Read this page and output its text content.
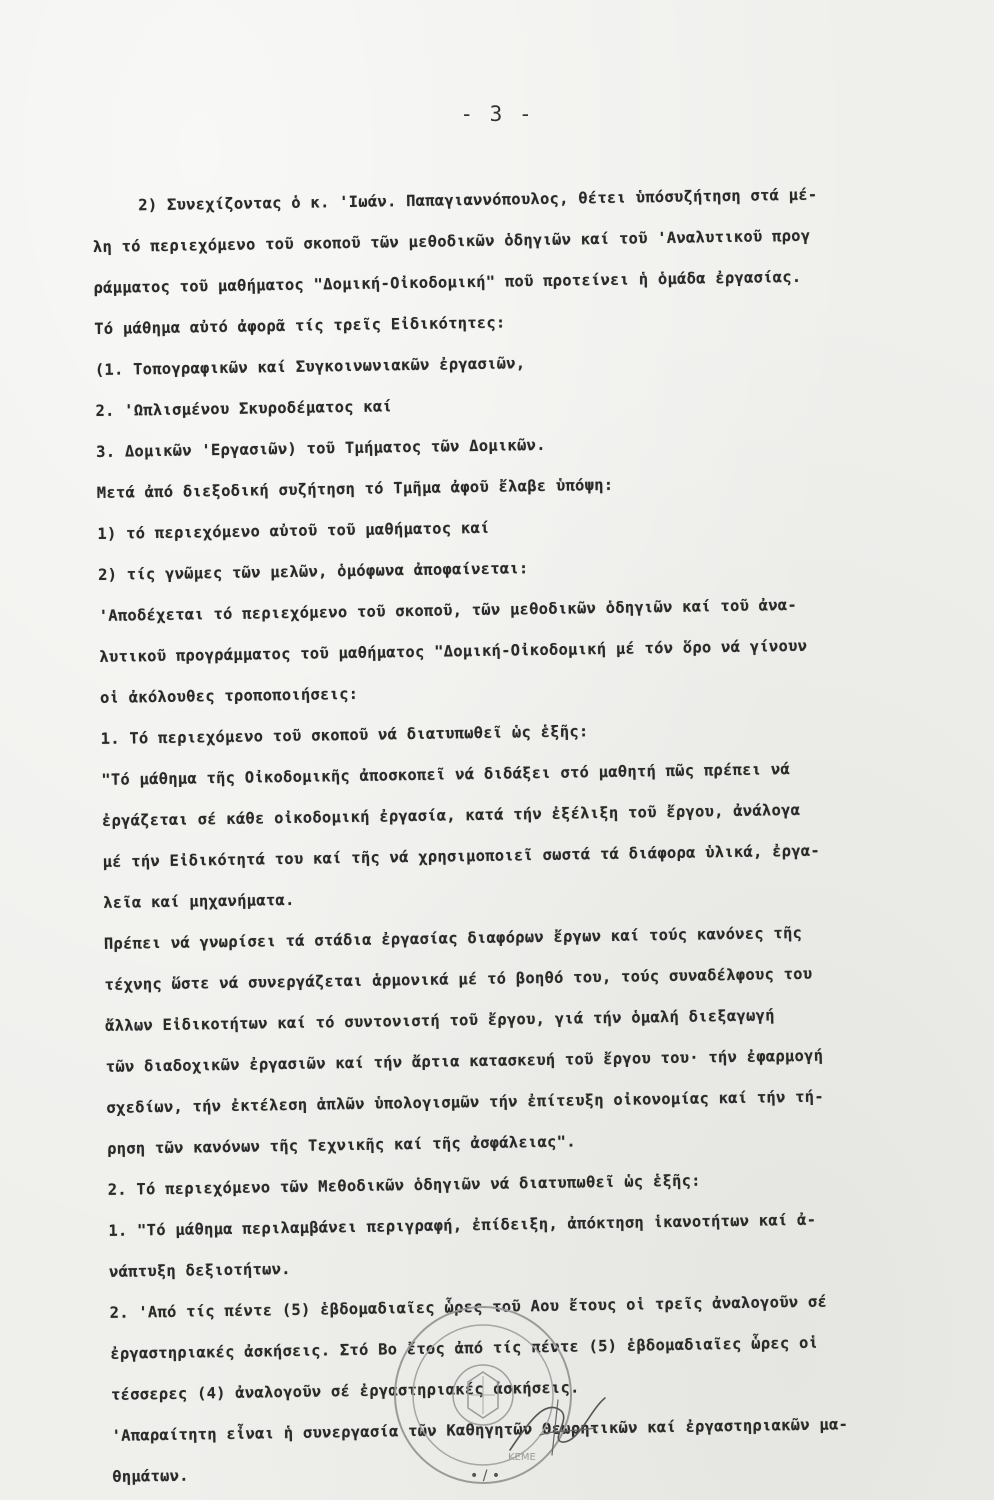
- 3 -
2) Συνεχίζοντας ὁ κ. 'Ιωάν. Παπαγιαννόπουλος, θέτει ὑπόσυζήτηση στά μέ-
λη τό περιεχόμενο τοῦ σκοποῦ τῶν μεθοδικῶν ὁδηγιῶν καί τοῦ 'Αναλυτικοῦ προγ
ράμματος τοῦ μαθήματος "Δομική-Οἰκοδομική" ποῦ προτείνει ἡ ὁμάδα ἐργασίας.
Τό μάθημα αὐτό ἀφορᾶ τίς τρεῖς Εἰδικότητες:
(1. Τοπογραφικῶν καί Συγκοινωνιακῶν ἐργασιῶν,
2. 'Ωπλισμένου Σκυροδέματος καί
3. Δομικῶν 'Εργασιῶν) τοῦ Τμήματος τῶν Δομικῶν.
Μετά ἀπό διεξοδική συζήτηση τό Τμῆμα ἀφοῦ ἔλαβε ὑπόψη:
1) τό περιεχόμενο αὐτοῦ τοῦ μαθήματος καί
2) τίς γνῶμες τῶν μελῶν, ὁμόφωνα ἀποφαίνεται:
'Αποδέχεται τό περιεχόμενο τοῦ σκοποῦ, τῶν μεθοδικῶν ὁδηγιῶν καί τοῦ ἀνα-
λυτικοῦ προγράμματος τοῦ μαθήματος "Δομική-Οἰκοδομική μέ τόν ὅρο νά γίνουν
οἱ ἀκόλουθες τροποποιήσεις:
1. Τό περιεχόμενο τοῦ σκοποῦ νά διατυπωθεῖ ὡς ἑξῆς:
"Τό μάθημα τῆς Οἰκοδομικῆς ἀποσκοπεῖ νά διδάξει στό μαθητή πῶς πρέπει νά
ἐργάζεται σέ κάθε οἰκοδομική ἐργασία, κατά τήν ἐξέλιξη τοῦ ἔργου, ἀνάλογα
μέ τήν Εἰδικότητά του καί τῆς νά χρησιμοποιεῖ σωστά τά διάφορα ὑλικά, ἐργα-
λεῖα καί μηχανήματα.
Πρέπει νά γνωρίσει τά στάδια ἐργασίας διαφόρων ἔργων καί τούς κανόνες τῆς
τέχνης ὥστε νά συνεργάζεται ἁρμονικά μέ τό βοηθό του, τούς συναδέλφους του
ἄλλων Εἰδικοτήτων καί τό συντονιστή τοῦ ἔργου, γιά τήν ὁμαλή διεξαγωγή
τῶν διαδοχικῶν ἐργασιῶν καί τήν ἄρτια κατασκευή τοῦ ἔργου του· τήν ἐφαρμογή
σχεδίων, τήν ἐκτέλεση ἁπλῶν ὑπολογισμῶν τήν ἐπίτευξη οἰκονομίας καί τήν τή-
ρηση τῶν κανόνων τῆς Τεχνικῆς καί τῆς ἀσφάλειας".
2. Τό περιεχόμενο τῶν Μεθοδικῶν ὁδηγιῶν νά διατυπωθεῖ ὡς ἑξῆς:
1. "Τό μάθημα περιλαμβάνει περιγραφή, ἐπίδειξη, ἀπόκτηση ἱκανοτήτων καί ἀ-
νάπτυξη δεξιοτήτων.
2. 'Από τίς πέντε (5) ἑβδομαδιαῖες ὧρες τοῦ Αου ἔτους οἱ τρεῖς ἀναλογοῦν σέ
ἐργαστηριακές ἀσκήσεις. Στό Βο ἔτος ἀπό τίς πέντε (5) ἑβδομαδιαῖες ὧρες οἱ
τέσσερες (4) ἀναλογοῦν σέ ἐργαστηριακές ἀσκήσεις.
'Απαραίτητη εἶναι ἡ συνεργασία τῶν Καθηγητῶν Θεωρητικῶν καί ἐργαστηριακῶν μα-
θημάτων.
ΚΕΜΕ
• / •
